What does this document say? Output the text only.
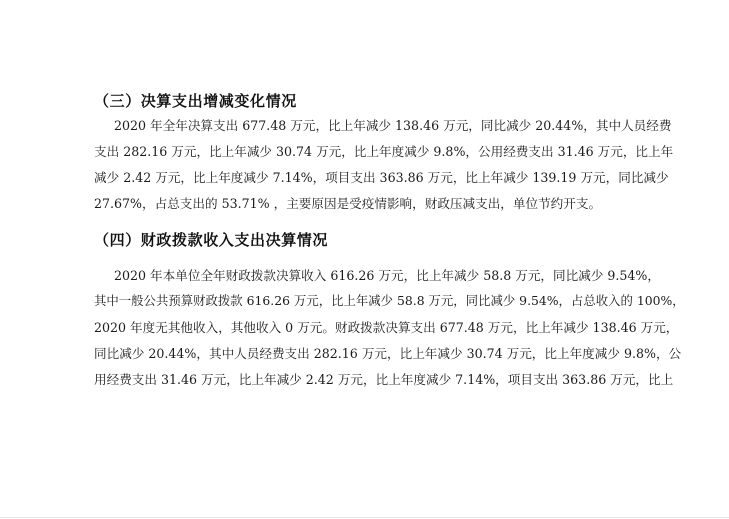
（三）决算支出增减变化情况
2020 年全年决算支出 677.48 万元，比上年减少 138.46 万元，同比减少 20.44%，其中人员经费
支出 282.16 万元，比上年减少 30.74 万元，比上年度减少 9.8%，公用经费支出 31.46 万元，比上年
减少 2.42 万元，比上年度减少 7.14%，项目支出 363.86 万元，比上年减少 139.19 万元，同比减少
27.67%，占总支出的 53.71% ，主要原因是受疫情影响，财政压减支出，单位节约开支。
（四）财政拨款收入支出决算情况
2020 年本单位全年财政拨款决算收入 616.26 万元，比上年减少 58.8 万元，同比减少 9.54%，
其中一般公共预算财政拨款 616.26 万元，比上年减少 58.8 万元，同比减少 9.54%，占总收入的 100%，
2020 年度无其他收入，其他收入 0 万元。财政拨款决算支出 677.48 万元，比上年减少 138.46 万元，
同比减少 20.44%，其中人员经费支出 282.16 万元，比上年减少 30.74 万元，比上年度减少 9.8%，公
用经费支出 31.46 万元，比上年减少 2.42 万元，比上年度减少 7.14%，项目支出 363.86 万元，比上
